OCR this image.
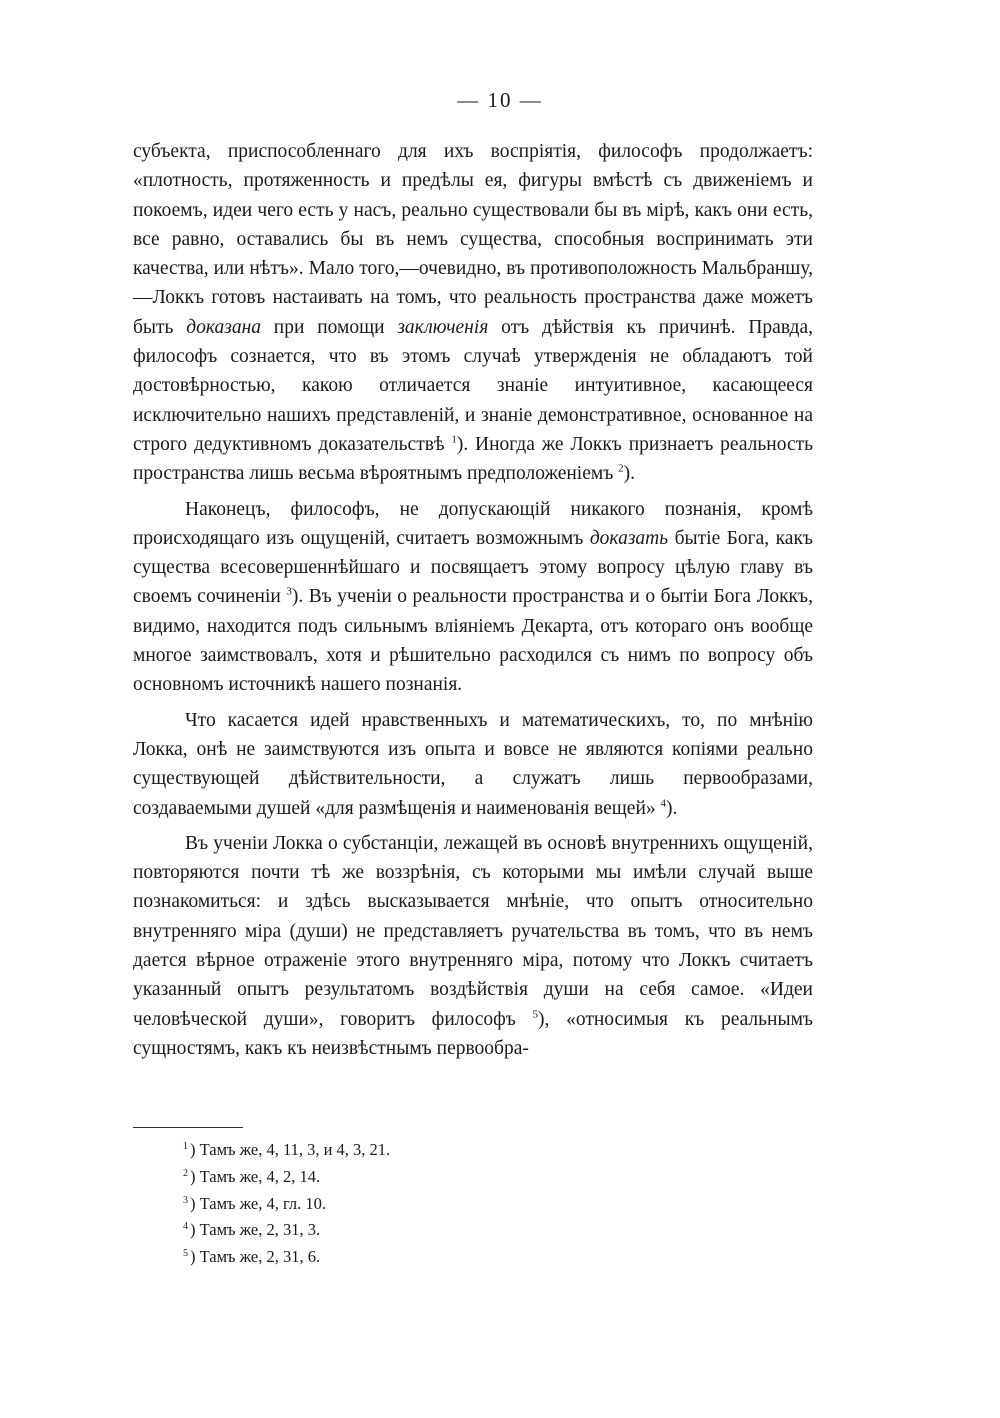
— 10 —

субъекта, приспособленнаго для ихъ воспріятія, философъ продолжаетъ: «плотность, протяженность и предѣлы ея, фигуры вмѣстѣ съ движеніемъ и покоемъ, идеи чего есть у насъ, реально существовали бы въ мірѣ, какъ они есть, все равно, оставались бы въ немъ существа, способныя воспринимать эти качества, или нѣтъ». Мало того,—очевидно, въ противоположность Мальбраншу,—Локкъ готовъ настаивать на томъ, что реальность пространства даже можетъ быть доказана при помощи заключенія отъ дѣйствія къ причинѣ. Правда, философъ сознается, что въ этомъ случаѣ утвержденія не обладаютъ той достовѣрностью, какою отличается знаніе интуитивное, касающееся исключительно нашихъ представленій, и знаніе демонстративное, основанное на строго дедуктивномъ доказательствѣ $^1$). Иногда же Локкъ признаетъ реальность пространства лишь весьма вѣроятнымъ предположеніемъ $^2$).

Наконецъ, философъ, не допускающій никакого познанія, кромѣ происходящаго изъ ощущеній, считаетъ возможнымъ доказать бытіе Бога, какъ существа всесовершеннѣйшаго и посвящаетъ этому вопросу цѣлую главу въ своемъ сочиненіи $^3$). Въ ученіи о реальности пространства и о бытіи Бога Локкъ, видимо, находится подъ сильнымъ вліяніемъ Декарта, отъ котораго онъ вообще многое заимствовалъ, хотя и рѣшительно расходился съ нимъ по вопросу объ основномъ источникѣ нашего познанія.

Что касается идей нравственныхъ и математическихъ, то, по мнѣнію Локка, онѣ не заимствуются изъ опыта и вовсе не являются копіями реально существующей дѣйствительности, а служатъ лишь первообразами, создаваемыми душей «для размѣщенія и наименованія вещей» $^4$).

Въ ученіи Локка о субстанціи, лежащей въ основѣ внутреннихъ ощущеній, повторяются почти тѣ же воззрѣнія, съ которыми мы имѣли случай выше познакомиться: и здѣсь высказывается мнѣніе, что опытъ относительно внутренняго міра (души) не представляетъ ручательства въ томъ, что въ немъ дается вѣрное отраженіе этого внутренняго міра, потому что Локкъ считаетъ указанный опытъ результатомъ воздѣйствія души на себя самое. «Идеи человѣческой души», говоритъ философъ $^5$), «относимыя къ реальнымъ сущностямъ, какъ къ неизвѣстнымъ первообра-

$^1$ ) Тамъ же, 4, 11, 3, и 4, 3, 21.
$^2$ ) Тамъ же, 4, 2, 14.
$^3$ ) Тамъ же, 4, гл. 10.
$^4$ ) Тамъ же, 2, 31, 3.
$^5$ ) Тамъ же, 2, 31, 6.
